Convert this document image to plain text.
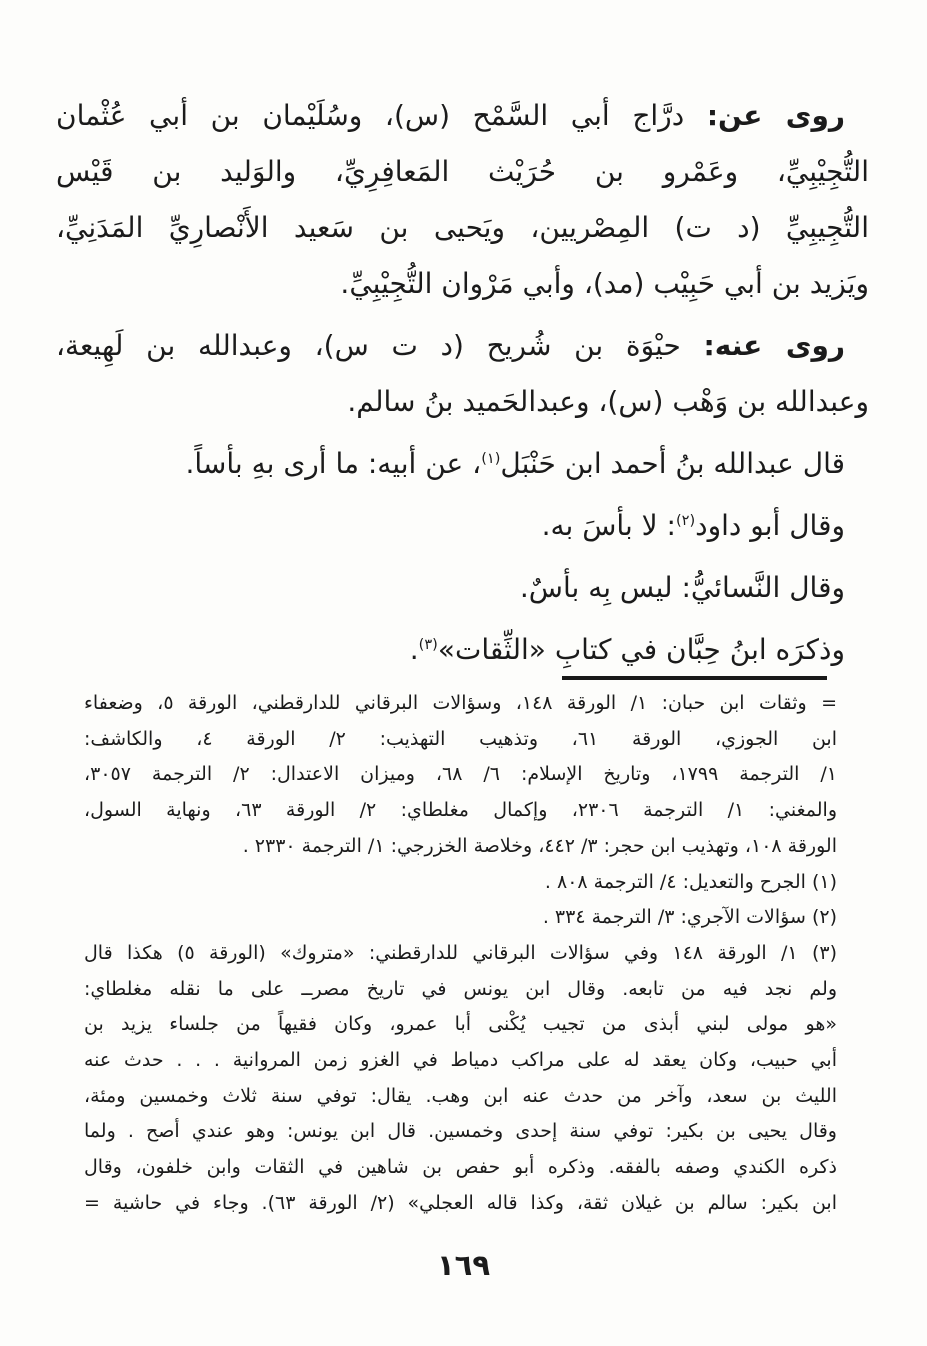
روى عن: درَّاج أبي السَّمْح (س)، وسُلَيْمان بن أبي عُثْمان
التُّجِيْبِيِّ، وعَمْرو بن حُرَيْث المَعافِرِيِّ، والوَليد بن قَيْس
التُّجِيبِيِّ (د ت) المِصْريين، ويَحيى بن سَعيد الأَنْصارِيِّ المَدَنِيِّ،
ويَزيد بن أبي حَبِيْب (مد)، وأبي مَرْوان التُّجِيْبِيِّ.
روى عنه: حيْوَة بن شُريح (د ت س)، وعبدالله بن لَهِيعة،
وعبدالله بن وَهْب (س)، وعبدالحَميد بنُ سالم.
قال عبدالله بنُ أحمد ابن حَنْبَل$^{(١)}$، عن أبيه: ما أرى بهِ بأساً.
وقال أبو داود$^{(٢)}$: لا بأسَ به.
وقال النَّسائيُّ: ليس بِه بأسٌ.
وذكرَه ابنُ حِبَّان في كتابِ «الثِّقات»$^{(٣)}$.
= وثقات ابن حبان: ١/ الورقة ١٤٨، وسؤالات البرقاني للدارقطني، الورقة ٥، وضعفاء
ابن الجوزي، الورقة ٦١، وتذهيب التهذيب: ٢/ الورقة ٤، والكاشف:
١/ الترجمة ١٧٩٩، وتاريخ الإسلام: ٦/ ٦٨، وميزان الاعتدال: ٢/ الترجمة ٣٠٥٧،
والمغني: ١/ الترجمة ٢٣٠٦، وإكمال مغلطاي: ٢/ الورقة ٦٣، ونهاية السول،
الورقة ١٠٨، وتهذيب ابن حجر: ٣/ ٤٤٢، وخلاصة الخزرجي: ١/ الترجمة ٢٣٣٠ .
(١) الجرح والتعديل: ٤/ الترجمة ٨٠٨ .
(٢) سؤالات الآجري: ٣/ الترجمة ٣٣٤ .
(٣) ١/ الورقة ١٤٨ وفي سؤالات البرقاني للدارقطني: «متروك» (الورقة ٥) هكذا قال
ولم نجد فيه من تابعه. وقال ابن يونس في تاريخ مصرــ على ما نقله مغلطاي:
«هو مولى لبني أبذى من تجيب يُكْنى أبا عمرو، وكان فقيهاً من جلساء يزيد بن
أبي حبيب، وكان يعقد له على مراكب دمياط في الغزو زمن المروانية . . . حدث عنه
الليث بن سعد، وآخر من حدث عنه ابن وهب. يقال: توفي سنة ثلاث وخمسين ومئة،
وقال يحيى بن بكير: توفي سنة إحدى وخمسين. قال ابن يونس: وهو عندي أصح . ولما
ذكره الكندي وصفه بالفقه. وذكره أبو حفص بن شاهين في الثقات وابن خلفون، وقال
ابن بكير: سالم بن غيلان ثقة، وكذا قاله العجلي» (٢/ الورقة ٦٣). وجاء في حاشية =
١٦٩
